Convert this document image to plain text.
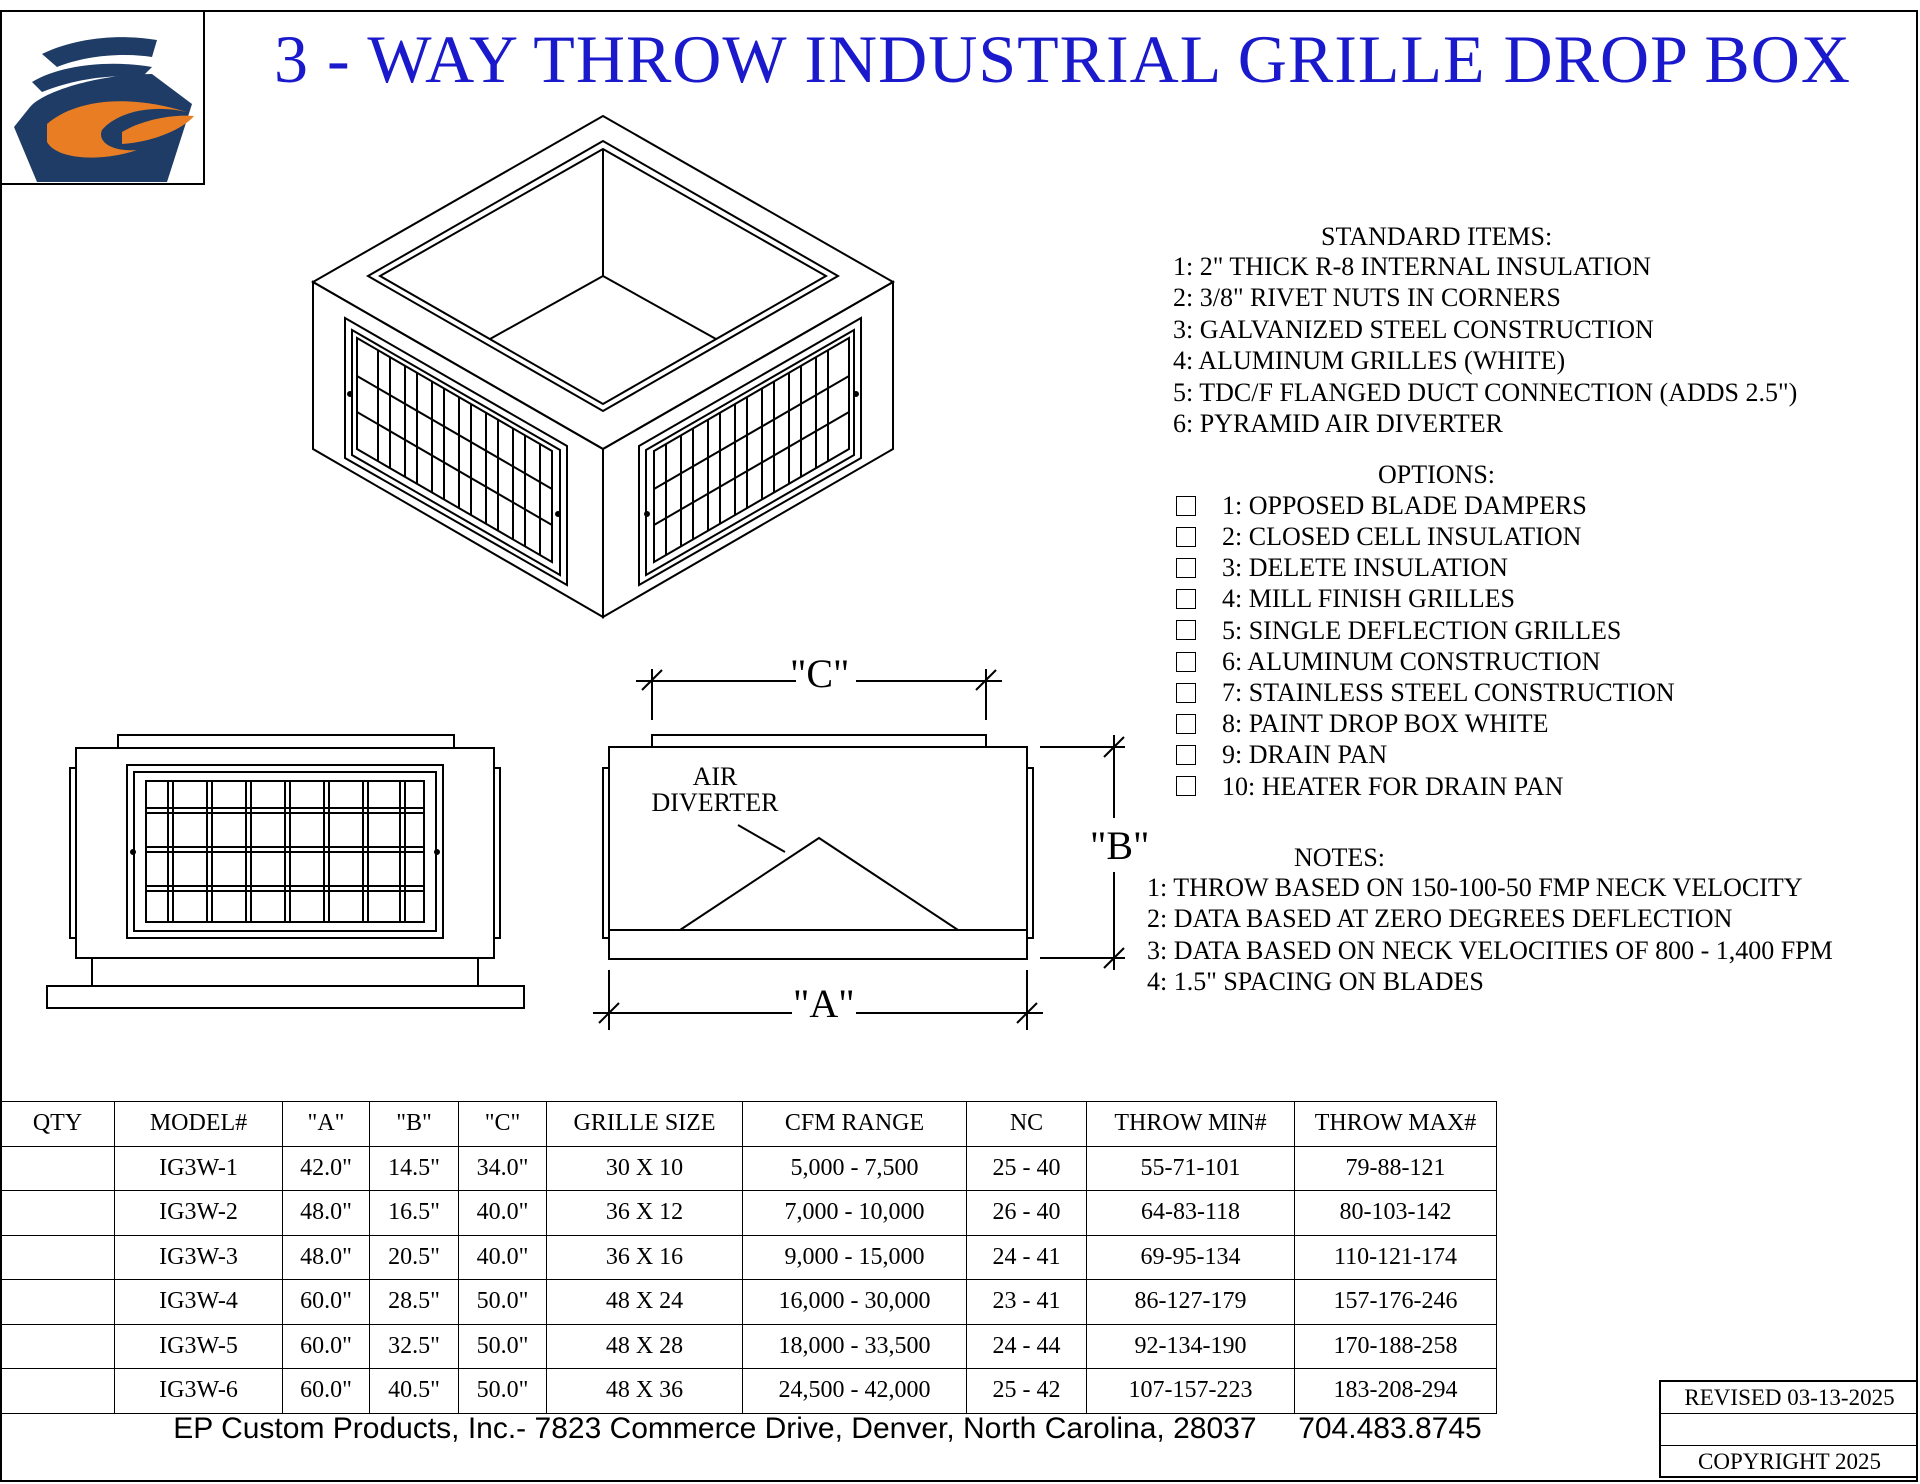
3 - WAY THROW INDUSTRIAL GRILLE DROP BOX
"C"
"A"
"B"
AIR
DIVERTER
STANDARD ITEMS:
1: 2" THICK R-8 INTERNAL INSULATION
2: 3/8" RIVET NUTS IN CORNERS
3: GALVANIZED STEEL CONSTRUCTION
4: ALUMINUM GRILLES (WHITE)
5: TDC/F FLANGED DUCT CONNECTION (ADDS 2.5")
6: PYRAMID AIR DIVERTER
OPTIONS:
1: OPPOSED BLADE DAMPERS
2: CLOSED CELL INSULATION
3: DELETE INSULATION
4: MILL FINISH GRILLES
5: SINGLE DEFLECTION GRILLES
6: ALUMINUM CONSTRUCTION
7: STAINLESS STEEL CONSTRUCTION
8: PAINT DROP BOX WHITE
9: DRAIN PAN
10: HEATER FOR DRAIN PAN
NOTES:
1: THROW BASED ON 150-100-50 FMP NECK VELOCITY
2: DATA BASED AT ZERO DEGREES DEFLECTION
3: DATA BASED ON NECK VELOCITIES OF 800 - 1,400 FPM
4: 1.5" SPACING ON BLADES
QTY	MODEL#	"A"	"B"	"C"	GRILLE SIZE	CFM RANGE	NC	THROW MIN#	THROW MAX#
	IG3W-1	42.0"	14.5"	34.0"	30 X 10	5,000 - 7,500	25 - 40	55-71-101	79-88-121
	IG3W-2	48.0"	16.5"	40.0"	36 X 12	7,000 - 10,000	26 - 40	64-83-118	80-103-142
	IG3W-3	48.0"	20.5"	40.0"	36 X 16	9,000 - 15,000	24 - 41	69-95-134	110-121-174
	IG3W-4	60.0"	28.5"	50.0"	48 X 24	16,000 - 30,000	23 - 41	86-127-179	157-176-246
	IG3W-5	60.0"	32.5"	50.0"	48 X 28	18,000 - 33,500	24 - 44	92-134-190	170-188-258
	IG3W-6	60.0"	40.5"	50.0"	48 X 36	24,500 - 42,000	25 - 42	107-157-223	183-208-294
EP Custom Products, Inc.- 7823 Commerce Drive, Denver, North Carolina, 28037     704.483.8745
REVISED 03-13-2025
COPYRIGHT 2025
